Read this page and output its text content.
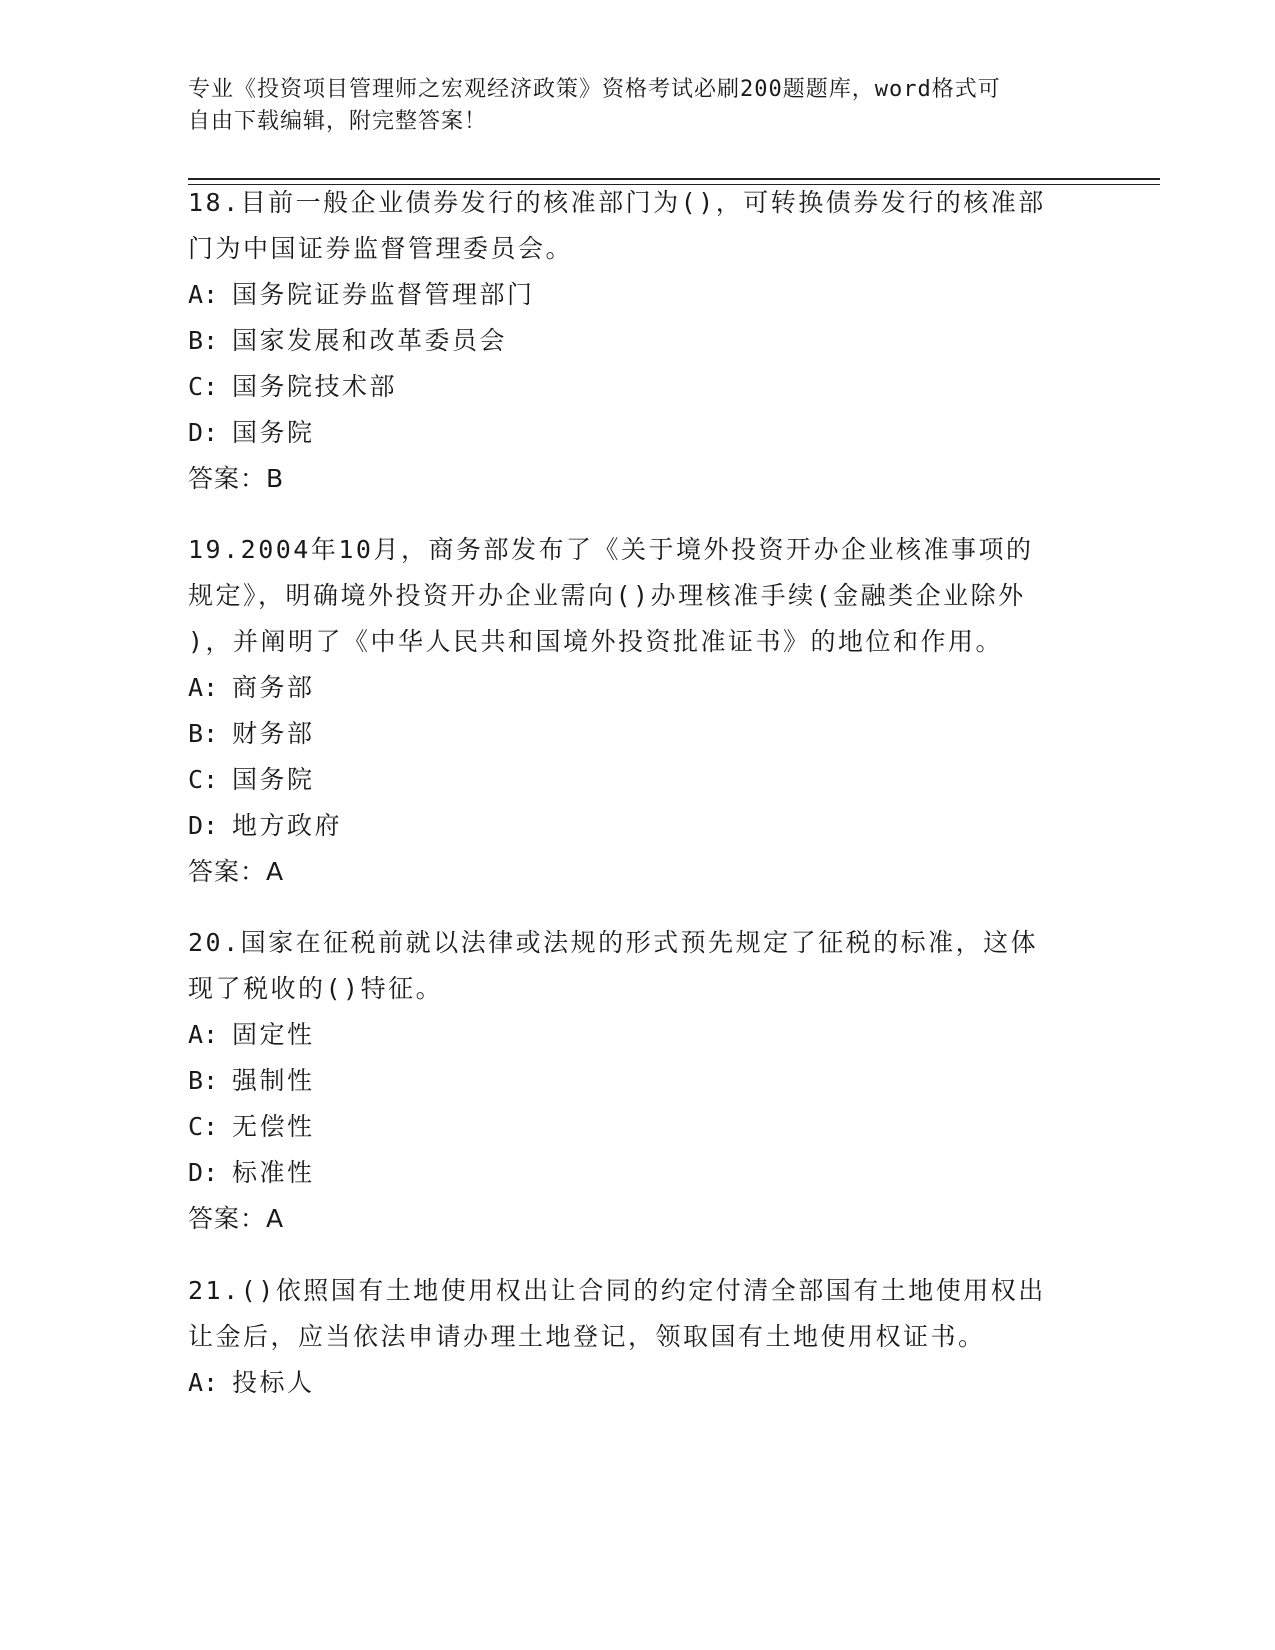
专业《投资项目管理师之宏观经济政策》资格考试必刷200题题库，word格式可
自由下载编辑，附完整答案！

18.目前一般企业债券发行的核准部门为()，可转换债券发行的核准部

门为中国证券监督管理委员会。

A: 国务院证券监督管理部门

B: 国家发展和改革委员会

C: 国务院技术部

D: 国务院

答案：B

19.2004年10月，商务部发布了《关于境外投资开办企业核准事项的

规定》，明确境外投资开办企业需向()办理核准手续(金融类企业除外

)，并阐明了《中华人民共和国境外投资批准证书》的地位和作用。

A: 商务部

B: 财务部

C: 国务院

D: 地方政府

答案：A

20.国家在征税前就以法律或法规的形式预先规定了征税的标准，这体

现了税收的()特征。

A: 固定性

B: 强制性

C: 无偿性

D: 标准性

答案：A

21.()依照国有土地使用权出让合同的约定付清全部国有土地使用权出

让金后，应当依法申请办理土地登记，领取国有土地使用权证书。

A: 投标人
